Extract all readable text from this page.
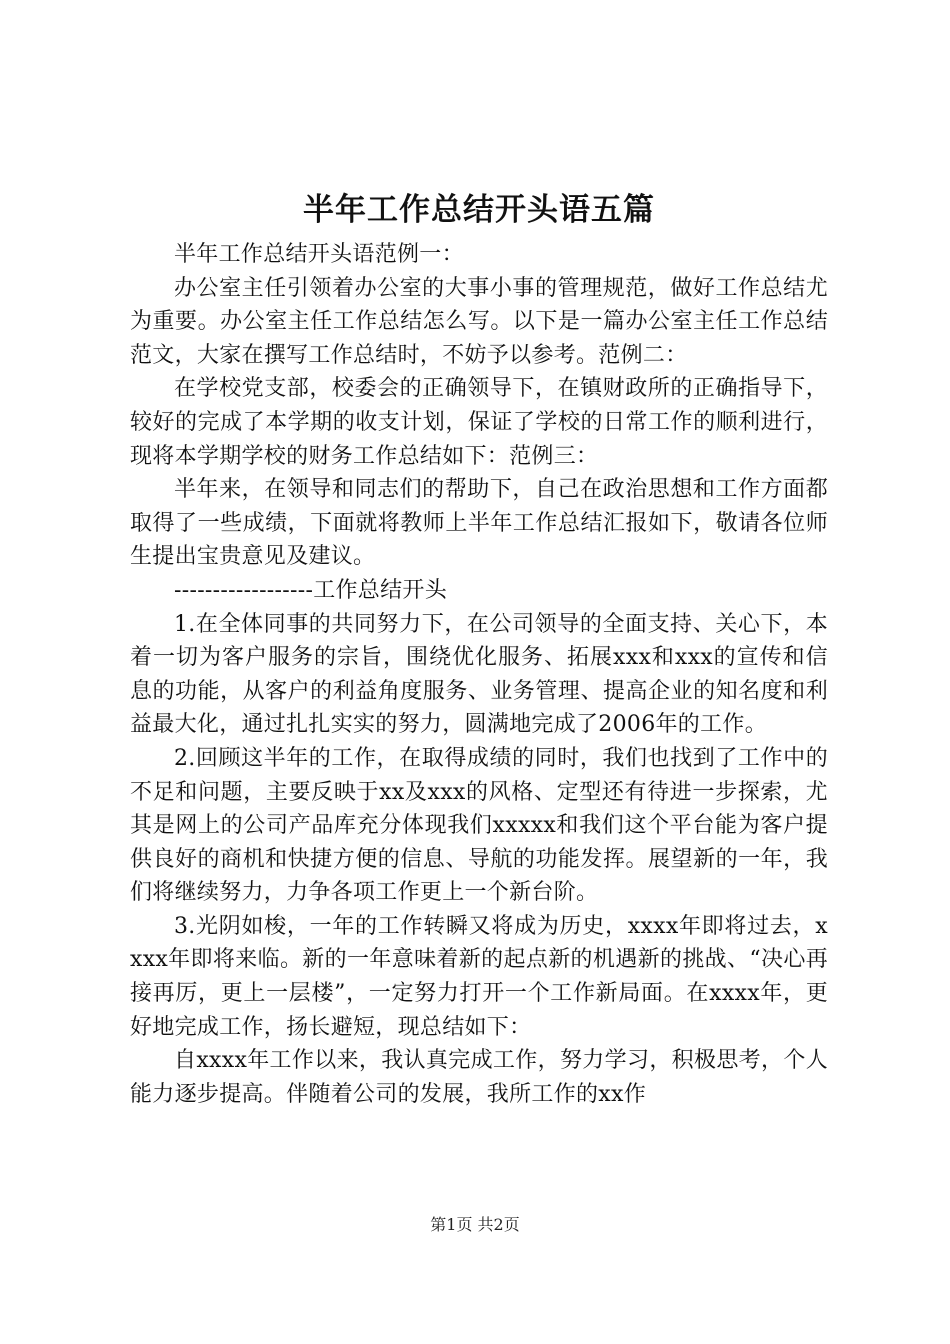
半年工作总结开头语五篇

半年工作总结开头语范例一：

办公室主任引领着办公室的大事小事的管理规范，做好工作总结尤为重要。办公室主任工作总结怎么写。以下是一篇办公室主任工作总结范文，大家在撰写工作总结时，不妨予以参考。范例二：

在学校党支部，校委会的正确领导下，在镇财政所的正确指导下，较好的完成了本学期的收支计划，保证了学校的日常工作的顺利进行，现将本学期学校的财务工作总结如下：范例三：

半年来，在领导和同志们的帮助下，自己在政治思想和工作方面都取得了一些成绩，下面就将教师上半年工作总结汇报如下，敬请各位师生提出宝贵意见及建议。

------------------工作总结开头

1.在全体同事的共同努力下，在公司领导的全面支持、关心下，本着一切为客户服务的宗旨，围绕优化服务、拓展xxx和xxx的宣传和信息的功能，从客户的利益角度服务、业务管理、提高企业的知名度和利益最大化，通过扎扎实实的努力，圆满地完成了2006年的工作。

2.回顾这半年的工作，在取得成绩的同时，我们也找到了工作中的不足和问题，主要反映于xx及xxx的风格、定型还有待进一步探索，尤其是网上的公司产品库充分体现我们xxxxx和我们这个平台能为客户提供良好的商机和快捷方便的信息、导航的功能发挥。展望新的一年，我们将继续努力，力争各项工作更上一个新台阶。

3.光阴如梭，一年的工作转瞬又将成为历史，xxxx年即将过去，xxxx年即将来临。新的一年意味着新的起点新的机遇新的挑战、“决心再接再厉，更上一层楼”，一定努力打开一个工作新局面。在xxxx年，更好地完成工作，扬长避短，现总结如下：

自xxxx年工作以来，我认真完成工作，努力学习，积极思考，个人能力逐步提高。伴随着公司的发展，我所工作的xx作

第1页 共2页
